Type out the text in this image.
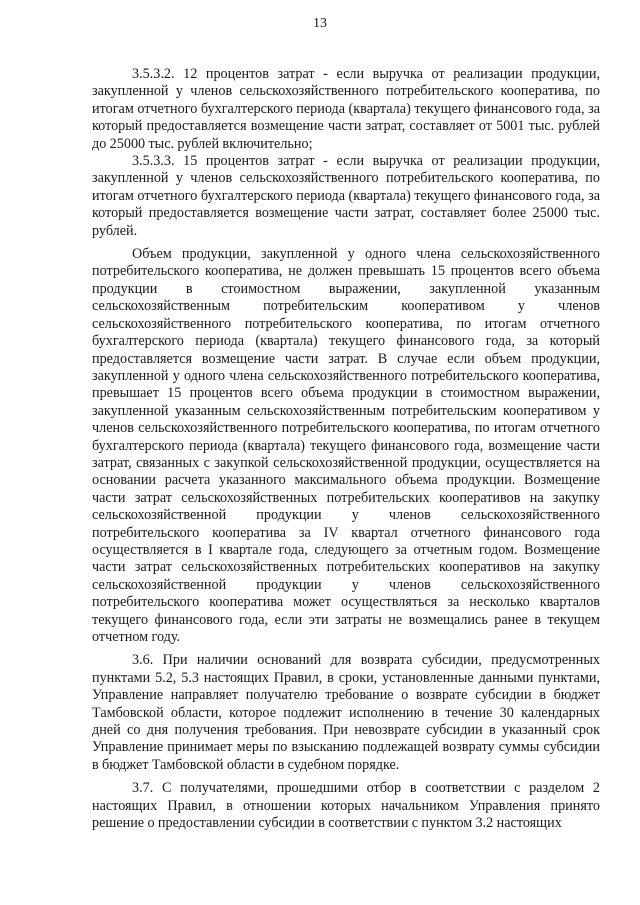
13

3.5.3.2. 12 процентов затрат - если выручка от реализации продукции, закупленной у членов сельскохозяйственного потребительского кооператива, по итогам отчетного бухгалтерского периода (квартала) текущего финансового года, за который предоставляется возмещение части затрат, составляет от 5001 тыс. рублей до 25000 тыс. рублей включительно;

3.5.3.3. 15 процентов затрат - если выручка от реализации продукции, закупленной у членов сельскохозяйственного потребительского кооператива, по итогам отчетного бухгалтерского периода (квартала) текущего финансового года, за который предоставляется возмещение части затрат, составляет более 25000 тыс. рублей.

Объем продукции, закупленной у одного члена сельскохозяйственного потребительского кооператива, не должен превышать 15 процентов всего объема продукции в стоимостном выражении, закупленной указанным сельскохозяйственным потребительским кооперативом у членов сельскохозяйственного потребительского кооператива, по итогам отчетного бухгалтерского периода (квартала) текущего финансового года, за который предоставляется возмещение части затрат. В случае если объем продукции, закупленной у одного члена сельскохозяйственного потребительского кооператива, превышает 15 процентов всего объема продукции в стоимостном выражении, закупленной указанным сельскохозяйственным потребительским кооперативом у членов сельскохозяйственного потребительского кооператива, по итогам отчетного бухгалтерского периода (квартала) текущего финансового года, возмещение части затрат, связанных с закупкой сельскохозяйственной продукции, осуществляется на основании расчета указанного максимального объема продукции. Возмещение части затрат сельскохозяйственных потребительских кооперативов на закупку сельскохозяйственной продукции у членов сельскохозяйственного потребительского кооператива за IV квартал отчетного финансового года осуществляется в I квартале года, следующего за отчетным годом. Возмещение части затрат сельскохозяйственных потребительских кооперативов на закупку сельскохозяйственной продукции у членов сельскохозяйственного потребительского кооператива может осуществляться за несколько кварталов текущего финансового года, если эти затраты не возмещались ранее в текущем отчетном году.

3.6. При наличии оснований для возврата субсидии, предусмотренных пунктами 5.2, 5.3 настоящих Правил, в сроки, установленные данными пунктами, Управление направляет получателю требование о возврате субсидии в бюджет Тамбовской области, которое подлежит исполнению в течение 30 календарных дней со дня получения требования. При невозврате субсидии в указанный срок Управление принимает меры по взысканию подлежащей возврату суммы субсидии в бюджет Тамбовской области в судебном порядке.

3.7. С получателями, прошедшими отбор в соответствии с разделом 2 настоящих Правил, в отношении которых начальником Управления принято решение о предоставлении субсидии в соответствии с пунктом 3.2 настоящих
